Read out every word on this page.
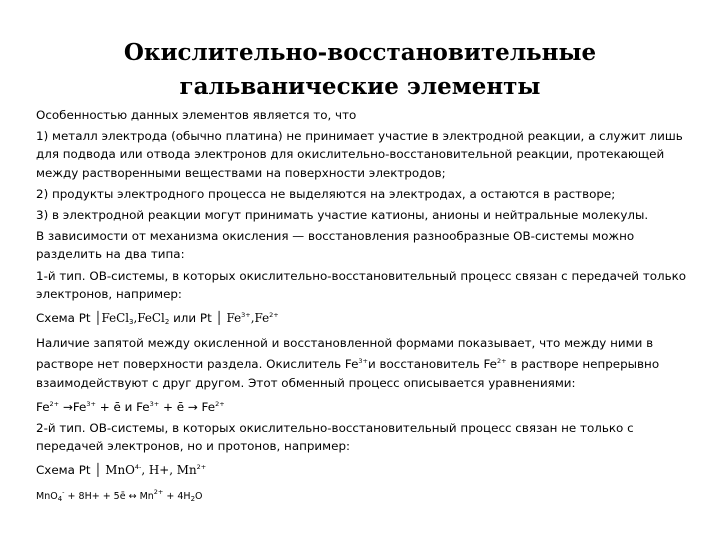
Окислительно-восстановительные
гальванические элементы

Особенностью данных элементов является то, что

1) металл электрода (обычно платина) не принимает участие в электродной реакции, а служит лишь для подвода или отвода электронов для окислительно-восстановительной реакции, протекающей между растворенными веществами на поверхности электродов;

2) продукты электродного процесса не выделяются на электродах, а остаются в растворе;

3) в электродной реакции могут принимать участие катионы, анионы и нейтральные молекулы.

В зависимости от механизма окисления — восстановления разнообразные ОВ-системы можно разделить на два типа:

1-й тип. ОВ-системы, в которых окислительно-восстановительный процесс связан с передачей только электронов, например:

Схема Pt │FeCl$_3$,FeCl$_2$ или Pt │ $Fe^{3+},Fe^{2+}$

Наличие запятой между окисленной и восстановленной формами показывает, что между ними в растворе нет поверхности раздела. Окислитель $Fe^{3+}и$ восстановитель $Fe^{2+}$ в растворе непрерывно взаимодействуют с друг другом. Этот обменный процесс описывается уравнениями:

$Fe^{2+} \to Fe^{3+}$ + ē и $Fe^{3+}$ + ē → $Fe^{2+}$

2-й тип. ОВ-системы, в которых окислительно-восстановительный процесс связан не только с передачей электронов, но и протонов, например:

Схема Pt │ MnO$^{4-}$, H+, $Mn^{2+}$

MnO$_4$- + 8H+ + 5ē ↔ $Mn^{2+} + 4H_2O$
